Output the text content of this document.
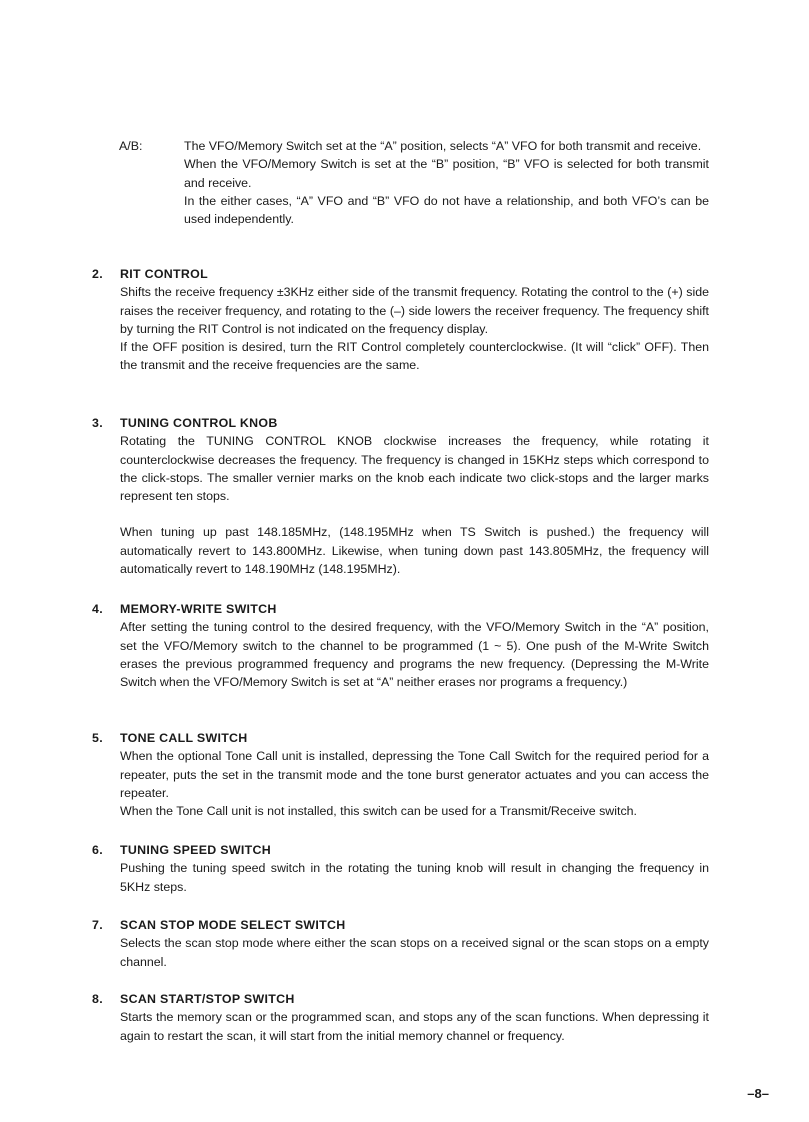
A/B:	The VFO/Memory Switch set at the “A” position, selects “A” VFO for both transmit and receive.

When the VFO/Memory Switch is set at the “B” position, “B” VFO is selected for both transmit and receive.

In the either cases, “A” VFO and “B” VFO do not have a relationship, and both VFO’s can be used independently.

2.	RIT CONTROL

Shifts the receive frequency ±3KHz either side of the transmit frequency. Rotating the control to the (+) side raises the receiver frequency, and rotating to the (–) side lowers the receiver frequency. The frequency shift by turning the RIT Control is not indicated on the frequency display.

If the OFF position is desired, turn the RIT Control completely counterclockwise. (It will “click” OFF). Then the transmit and the receive frequencies are the same.

3.	TUNING CONTROL KNOB

Rotating the TUNING CONTROL KNOB clockwise increases the frequency, while rotating it counterclockwise decreases the frequency. The frequency is changed in 15KHz steps which correspond to the click-stops. The smaller vernier marks on the knob each indicate two click-stops and the larger marks represent ten stops.

When tuning up past 148.185MHz, (148.195MHz when TS Switch is pushed.) the frequency will automatically revert to 143.800MHz. Likewise, when tuning down past 143.805MHz, the frequency will automatically revert to 148.190MHz (148.195MHz).

4.	MEMORY-WRITE SWITCH

After setting the tuning control to the desired frequency, with the VFO/Memory Switch in the “A” position, set the VFO/Memory switch to the channel to be programmed (1 ~ 5). One push of the M-Write Switch erases the previous programmed frequency and programs the new frequency. (Depressing the M-Write Switch when the VFO/Memory Switch is set at “A” neither erases nor programs a frequency.)

5.	TONE CALL SWITCH

When the optional Tone Call unit is installed, depressing the Tone Call Switch for the required period for a repeater, puts the set in the transmit mode and the tone burst generator actuates and you can access the repeater.

When the Tone Call unit is not installed, this switch can be used for a Transmit/Receive switch.

6.	TUNING SPEED SWITCH

Pushing the tuning speed switch in the rotating the tuning knob will result in changing the frequency in 5KHz steps.

7.	SCAN STOP MODE SELECT SWITCH

Selects the scan stop mode where either the scan stops on a received signal or the scan stops on a empty channel.

8.	SCAN START/STOP SWITCH

Starts the memory scan or the programmed scan, and stops any of the scan functions. When depressing it again to restart the scan, it will start from the initial memory channel or frequency.

–8–
